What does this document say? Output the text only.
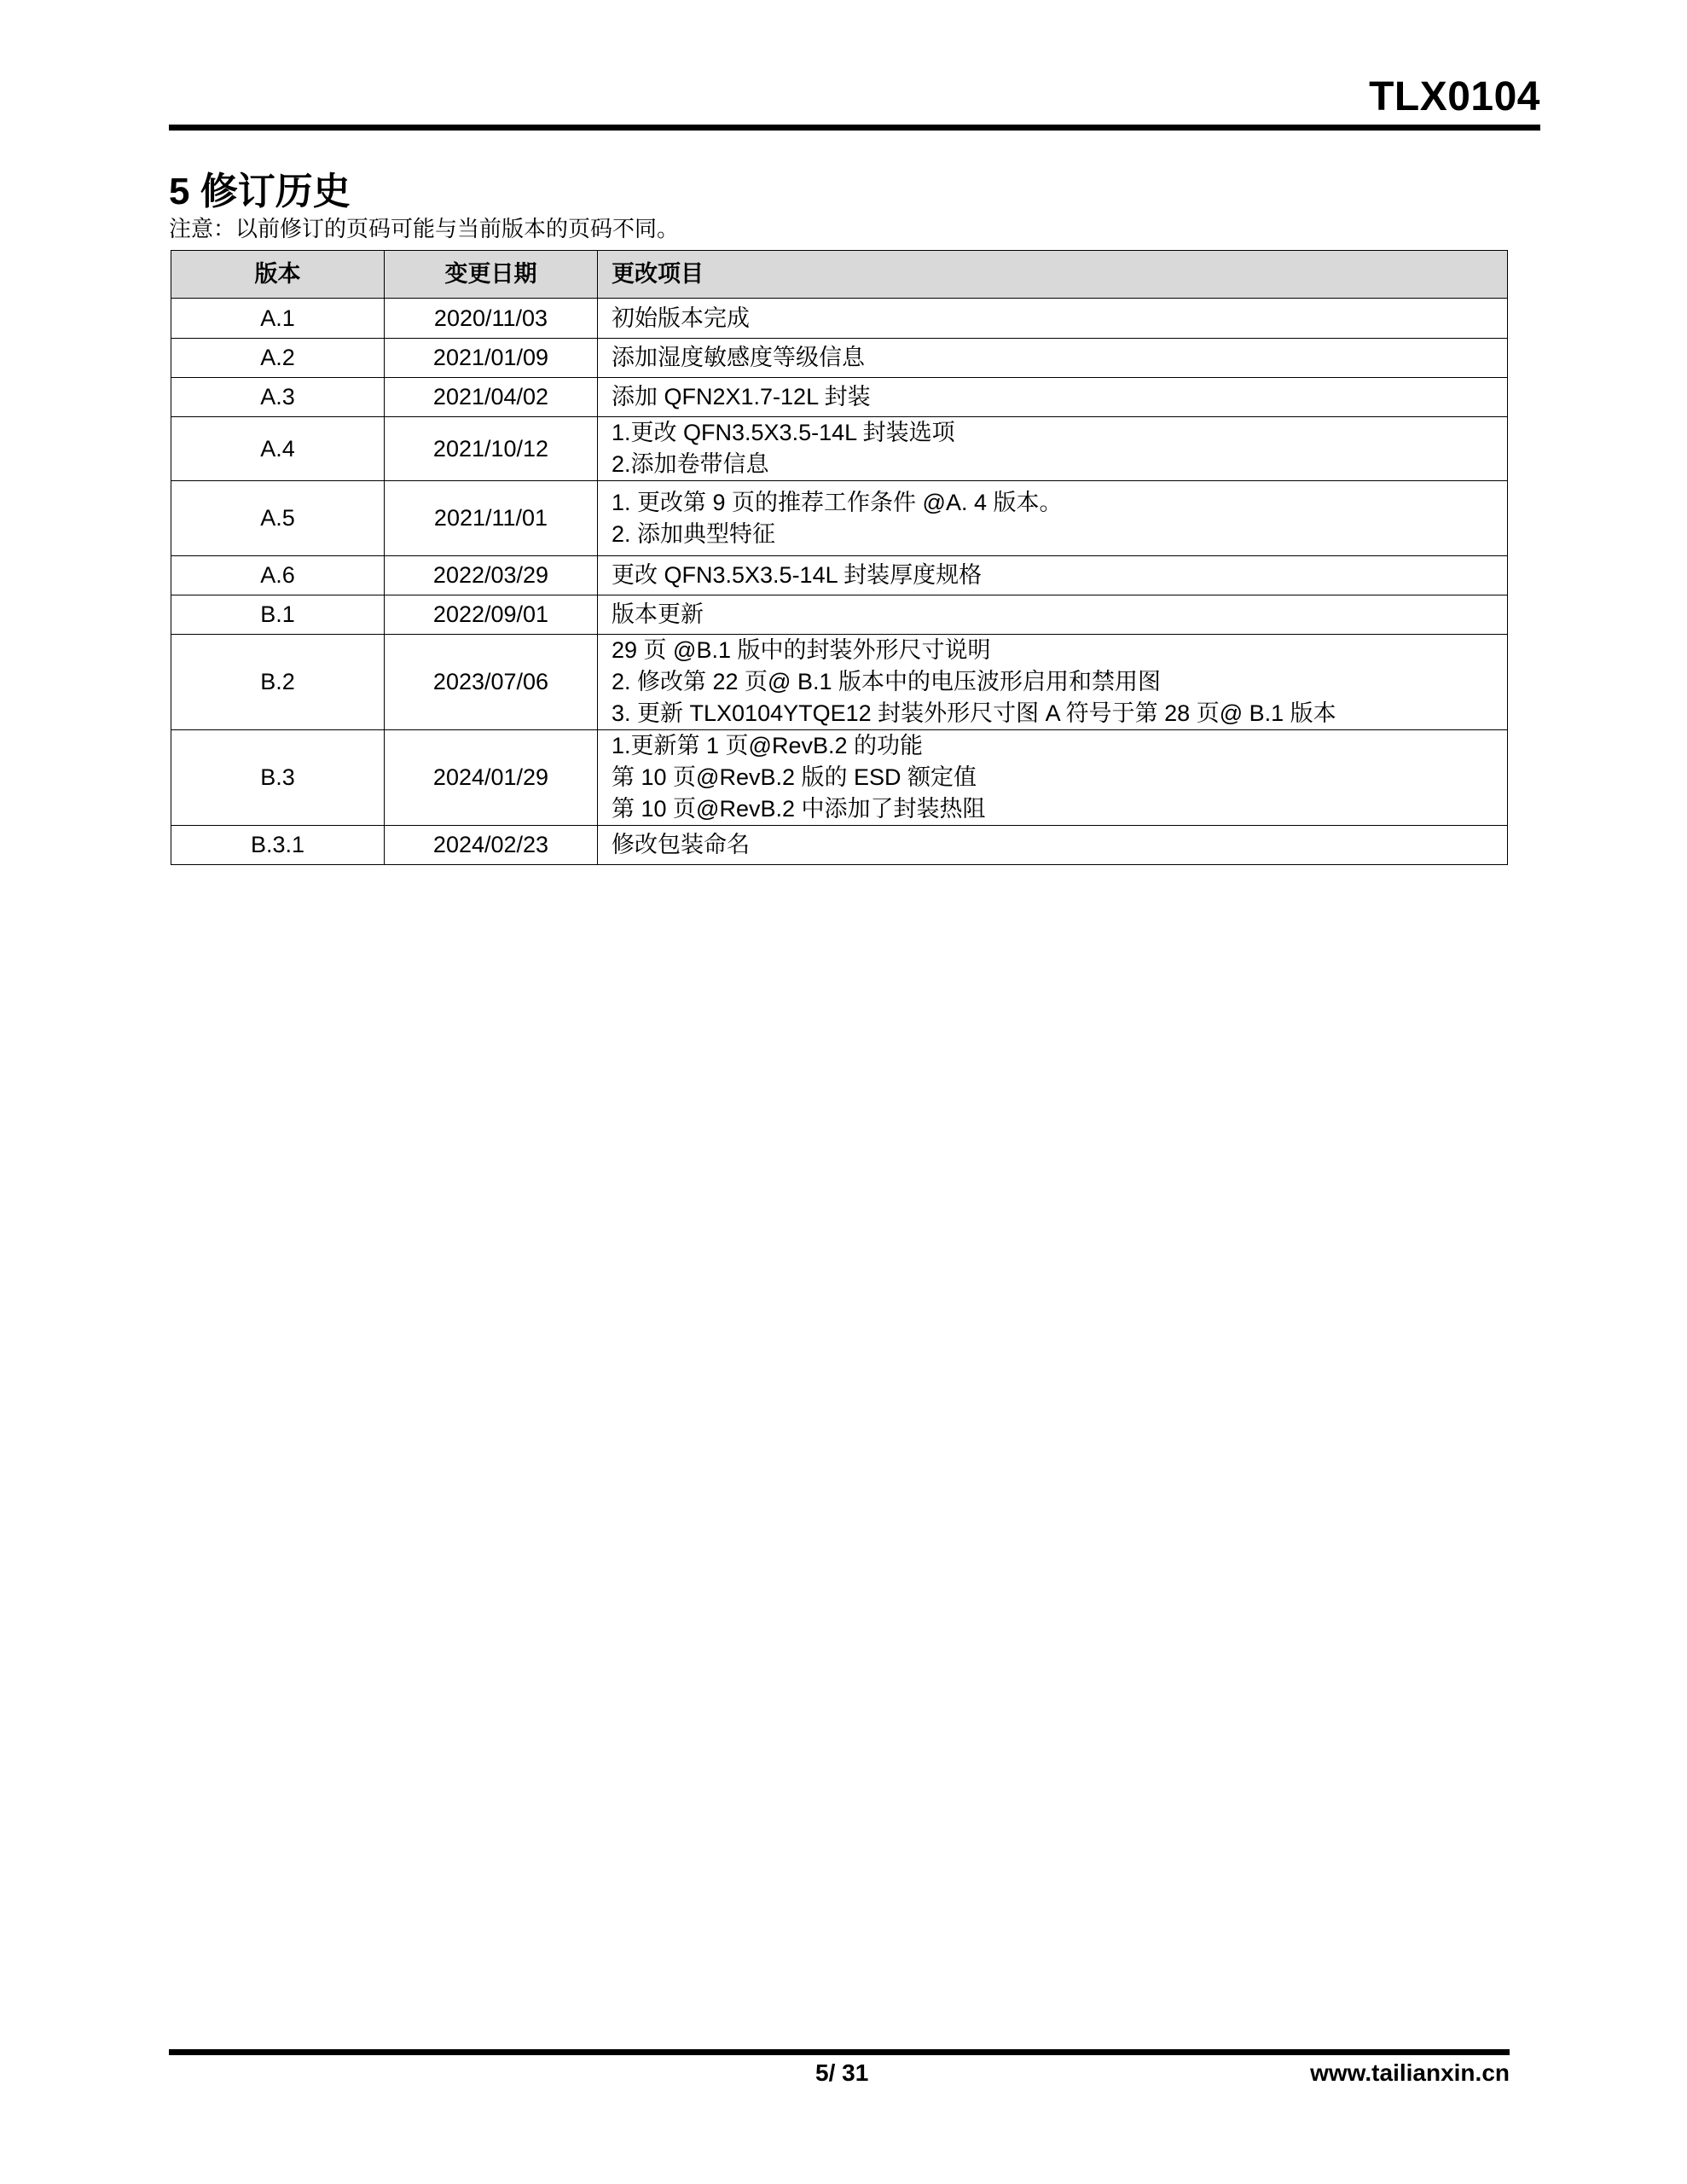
TLX0104
5 修订历史
注意：以前修订的页码可能与当前版本的页码不同。
版本	变更日期	更改项目
A.1	2020/11/03	初始版本完成

A.2	2021/01/09	添加湿度敏感度等级信息

A.3	2021/04/02	添加 QFN2X1.7-12L 封装

A.4	2021/10/12	1.更改 QFN3.5X3.5-14L 封装选项
2.添加卷带信息

A.5	2021/11/01	1. 更改第 9 页的推荐工作条件 @A. 4 版本。
2. 添加典型特征

A.6	2022/03/29	更改 QFN3.5X3.5-14L 封装厚度规格

B.1	2022/09/01	版本更新

B.2	2023/07/06	29 页 @B.1 版中的封装外形尺寸说明
2. 修改第 22 页@ B.1 版本中的电压波形启用和禁用图
3. 更新 TLX0104YTQE12 封装外形尺寸图 A 符号于第 28 页@ B.1 版本

B.3	2024/01/29	1.更新第 1 页@RevB.2 的功能
第 10 页@RevB.2 版的 ESD 额定值
第 10 页@RevB.2 中添加了封装热阻

B.3.1	2024/02/23	修改包装命名
5/ 31	www.tailianxin.cn
